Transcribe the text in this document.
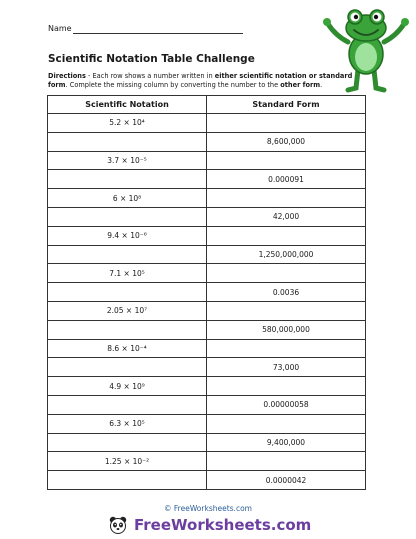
Name
Scientific Notation Table Challenge
Directions - Each row shows a number written in either scientific notation or standard form. Complete the missing column by converting the number to the other form.
Scientific Notation	Standard Form
5.2 × 10⁴	
	8,600,000
3.7 × 10⁻⁵	
	0.000091
6 × 10⁸	
	42,000
9.4 × 10⁻⁶	
	1,250,000,000
7.1 × 10⁵	
	0.0036
2.05 × 10⁷	
	580,000,000
8.6 × 10⁻⁴	
	73,000
4.9 × 10⁹	
	0.00000058
6.3 × 10⁵	
	9,400,000
1.25 × 10⁻²	
	0.0000042
© FreeWorksheets.com
FreeWorksheets.com
